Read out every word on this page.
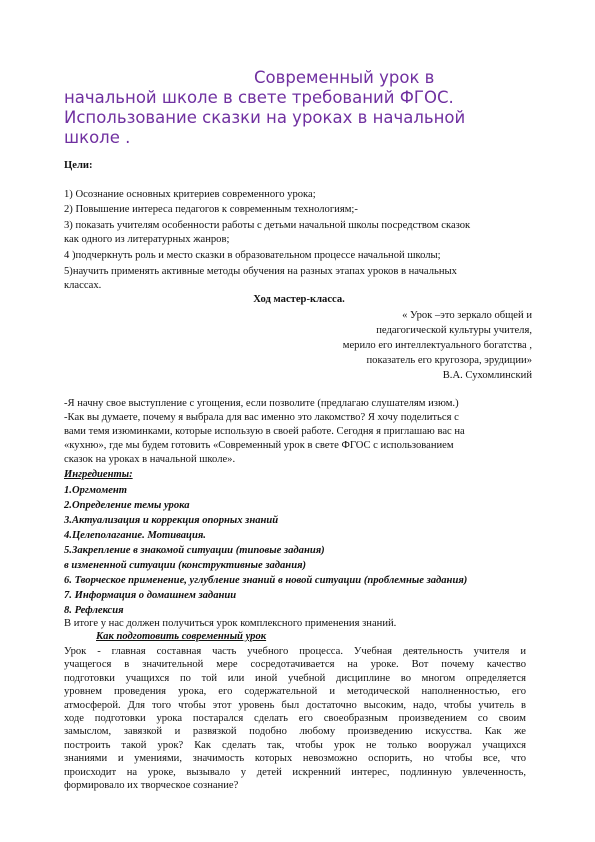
Современный урок в
начальной школе в свете требований ФГОС.
Использование сказки на уроках в начальной
школе .
Цели:
1) Осознание основных критериев современного урока;
2) Повышение интереса педагогов к современным технологиям;-
3) показать учителям особенности работы с детьми начальной школы посредством сказок
как одного из литературных жанров;
4 )подчеркнуть роль и место сказки в образовательном процессе начальной школы;
5)научить применять активные методы обучения на разных этапах уроков в начальных
классах.
Ход мастер-класса.
« Урок –это зеркало общей и
педагогической культуры учителя,
мерило его интеллектуального богатства ,
показатель его кругозора, эрудиции»
В.А. Сухомлинский
-Я начну свое выступление с угощения, если позволите (предлагаю слушателям изюм.)
-Как вы думаете, почему я выбрала для вас именно это лакомство? Я хочу поделиться с
вами темя изюминками, которые использую в своей работе. Сегодня я приглашаю вас на
«кухню», где мы будем готовить «Современный урок в свете ФГОС с использованием
сказок на уроках в начальной школе».
Ингредиенты:
1.Оргмомент
2.Определение темы урока
3.Актуализация и коррекция опорных знаний
4.Целеполагание. Мотивация.
5.Закрепление в знакомой ситуации (типовые задания)
в измененной ситуации (конструктивные задания)
6. Творческое применение, углубление знаний в новой ситуации (проблемные задания)
7. Информация о домашнем задании
8. Рефлексия
В итоге у нас должен получиться урок комплексного применения знаний.
Как подготовить современный урок
Урок - главная составная часть учебного процесса. Учебная деятельность учителя и
учащегося в значительной мере сосредотачивается на уроке. Вот почему качество
подготовки учащихся по той или иной учебной дисциплине во многом определяется
уровнем проведения урока, его содержательной и методической наполненностью, его
атмосферой. Для того чтобы этот уровень был достаточно высоким, надо, чтобы учитель в
ходе подготовки урока постарался сделать его своеобразным произведением со своим
замыслом, завязкой и развязкой подобно любому произведению искусства. Как же
построить такой урок? Как сделать так, чтобы урок не только вооружал учащихся
знаниями и умениями, значимость которых невозможно оспорить, но чтобы все, что
происходит на уроке, вызывало у детей искренний интерес, подлинную увлеченность,
формировало их творческое сознание?
